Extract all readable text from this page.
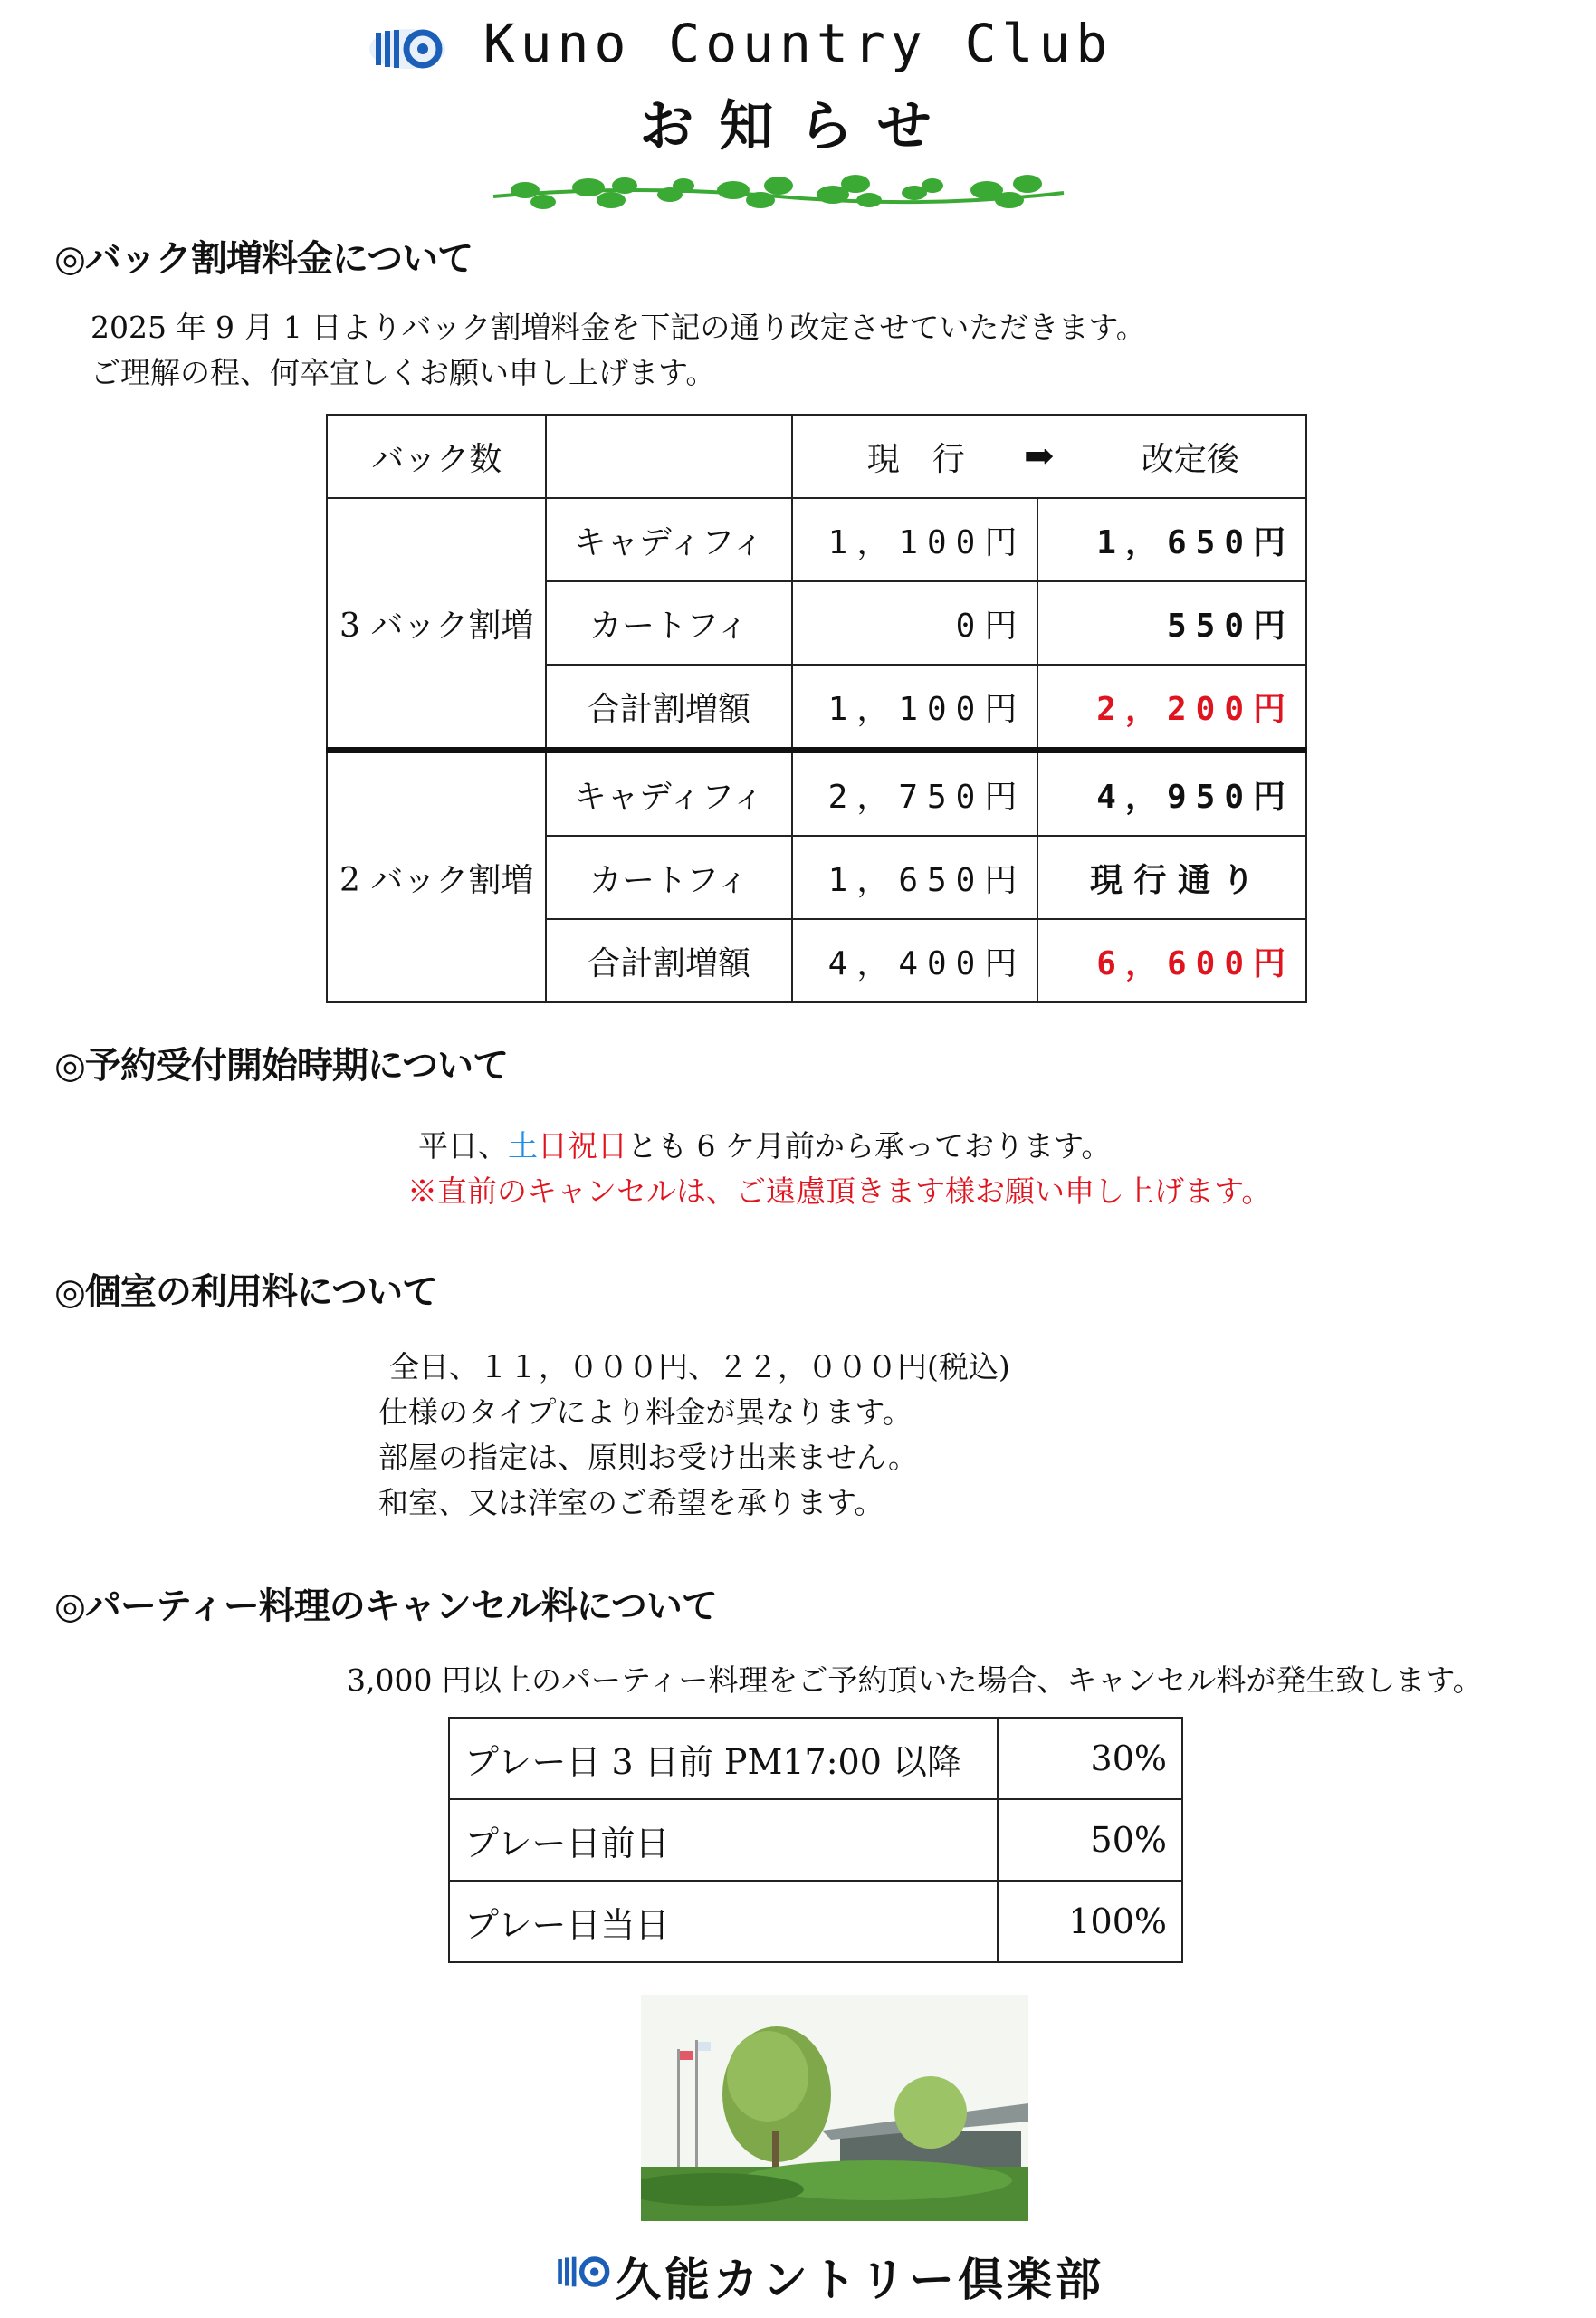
Kuno Country Club
お知らせ
◎バック割増料金について
2025 年 9 月 1 日よりバック割増料金を下記の通り改定させていただきます。
ご理解の程、何卒宜しくお願い申し上げます。
バック数		現　行 ➡ 改定後	

3 バック割増	キャディフィ	1，100円	1，650円
	カートフィ	0円	550円
	合計割増額	1，100円	2，200円
2 バック割増	キャディフィ	2，750円	4，950円
	カートフィ	1，650円	現 行 通 り
	合計割増額	4，400円	6，600円
◎予約受付開始時期について
平日、土日祝日とも 6 ケ月前から承っております。
※直前のキャンセルは、ご遠慮頂きます様お願い申し上げます。
◎個室の利用料について
全日、１１，０００円、２２，０００円(税込)
仕様のタイプにより料金が異なります。
部屋の指定は、原則お受け出来ません。
和室、又は洋室のご希望を承ります。
◎パーティー料理のキャンセル料について
3,000 円以上のパーティー料理をご予約頂いた場合、キャンセル料が発生致します。
プレー日 3 日前 PM17:00 以降	30%
プレー日前日	50%
プレー日当日	100%
久能カントリー倶楽部
